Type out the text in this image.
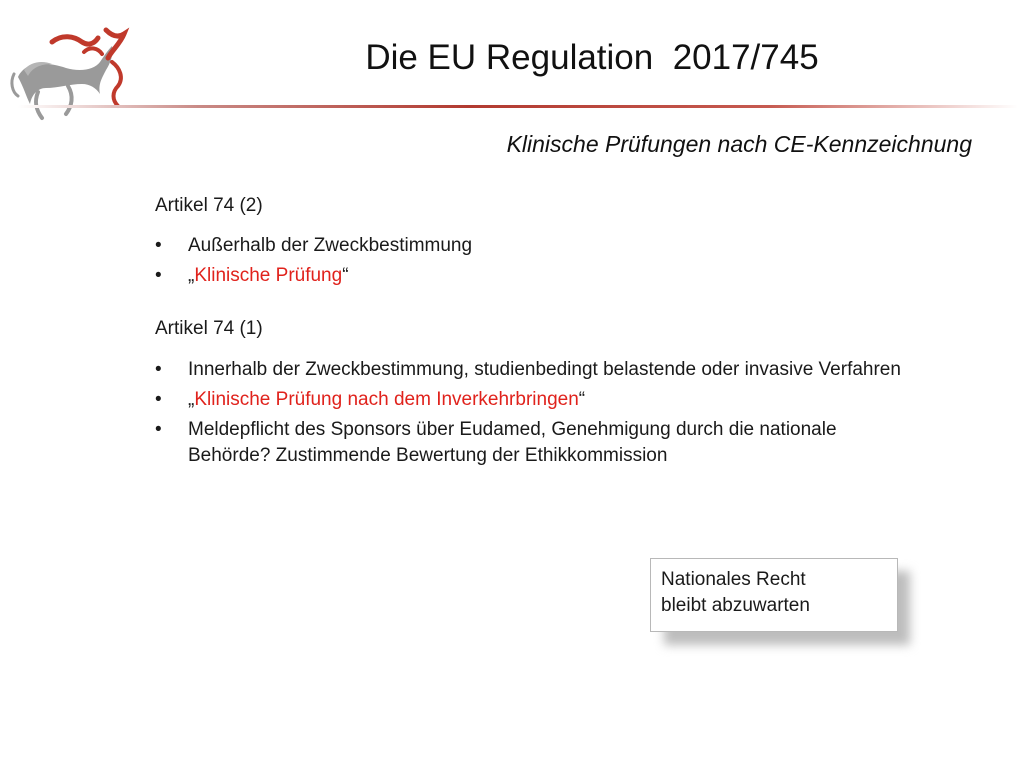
Die EU Regulation  2017/745
Klinische Prüfungen nach CE-Kennzeichnung
Artikel 74 (2)
• Außerhalb der Zweckbestimmung
• „Klinische Prüfung“
Artikel 74 (1)
• Innerhalb der Zweckbestimmung, studienbedingt belastende oder invasive Verfahren
• „Klinische Prüfung nach dem Inverkehrbringen“
• Meldepflicht des Sponsors über Eudamed, Genehmigung durch die nationale Behörde? Zustimmende Bewertung der Ethikkommission
Nationales Recht
bleibt abzuwarten
